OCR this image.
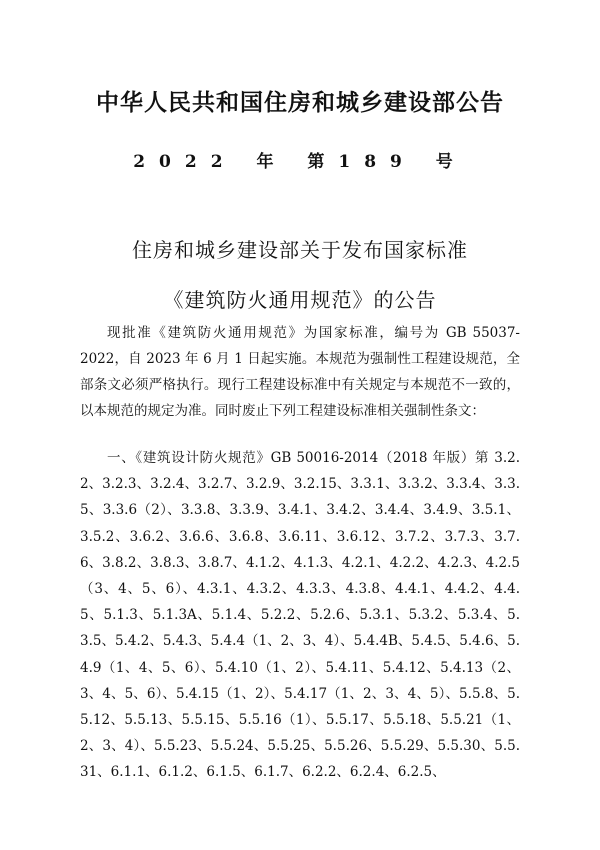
中华人民共和国住房和城乡建设部公告
2022 年 第189 号
住房和城乡建设部关于发布国家标准
《建筑防火通用规范》的公告

现批准《建筑防火通用规范》为国家标准，编号为 GB 55037-2022，自 2023 年 6 月 1 日起实施。本规范为强制性工程建设规范，全部条文必须严格执行。现行工程建设标准中有关规定与本规范不一致的，以本规范的规定为准。同时废止下列工程建设标准相关强制性条文：

一、《建筑设计防火规范》GB 50016-2014（2018 年版）第 3.2.2、3.2.3、3.2.4、3.2.7、3.2.9、3.2.15、3.3.1、3.3.2、3.3.4、3.3.5、3.3.6（2）、3.3.8、3.3.9、3.4.1、3.4.2、3.4.4、3.4.9、3.5.1、3.5.2、3.6.2、3.6.6、3.6.8、3.6.11、3.6.12、3.7.2、3.7.3、3.7.6、3.8.2、3.8.3、3.8.7、4.1.2、4.1.3、4.2.1、4.2.2、4.2.3、4.2.5（3、4、5、6）、4.3.1、4.3.2、4.3.3、4.3.8、4.4.1、4.4.2、4.4.5、5.1.3、5.1.3A、5.1.4、5.2.2、5.2.6、5.3.1、5.3.2、5.3.4、5.3.5、5.4.2、5.4.3、5.4.4（1、2、3、4）、5.4.4B、5.4.5、5.4.6、5.4.9（1、4、5、6）、5.4.10（1、2）、5.4.11、5.4.12、5.4.13（2、3、4、5、6）、5.4.15（1、2）、5.4.17（1、2、3、4、5）、5.5.8、5.5.12、5.5.13、5.5.15、5.5.16（1）、5.5.17、5.5.18、5.5.21（1、2、3、4）、5.5.23、5.5.24、5.5.25、5.5.26、5.5.29、5.5.30、5.5.31、6.1.1、6.1.2、6.1.5、6.1.7、6.2.2、6.2.4、6.2.5、
